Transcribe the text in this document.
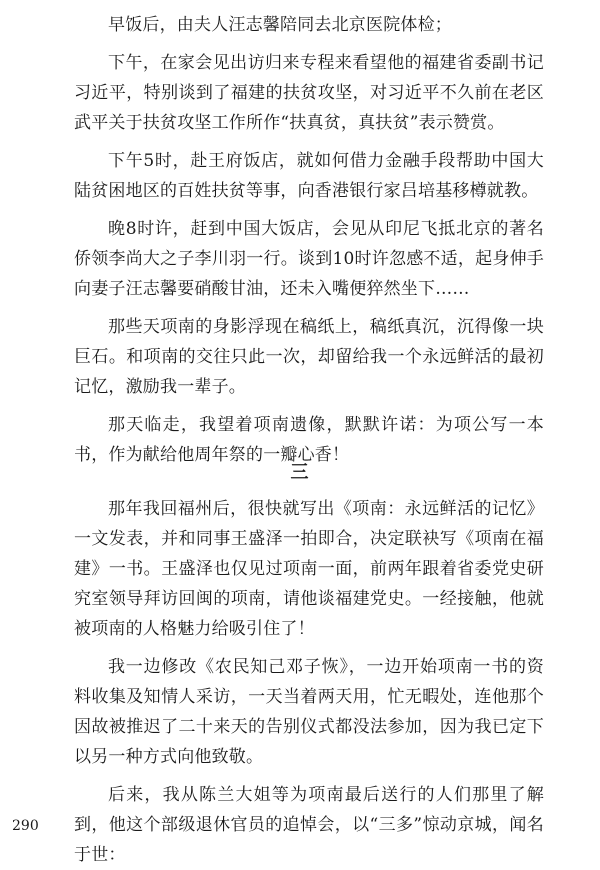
早饭后，由夫人汪志馨陪同去北京医院体检；

下午，在家会见出访归来专程来看望他的福建省委副书记习近平，特别谈到了福建的扶贫攻坚，对习近平不久前在老区武平关于扶贫攻坚工作所作“扶真贫，真扶贫”表示赞赏。

下午5时，赴王府饭店，就如何借力金融手段帮助中国大陆贫困地区的百姓扶贫等事，向香港银行家吕培基移樽就教。

晚8时许，赶到中国大饭店，会见从印尼飞抵北京的著名侨领李尚大之子李川羽一行。谈到10时许忽感不适，起身伸手向妻子汪志馨要硝酸甘油，还未入嘴便猝然坐下……

那些天项南的身影浮现在稿纸上，稿纸真沉，沉得像一块巨石。和项南的交往只此一次，却留给我一个永远鲜活的最初记忆，激励我一辈子。

那天临走，我望着项南遗像，默默许诺：为项公写一本书，作为献给他周年祭的一瓣心香！

三

那年我回福州后，很快就写出《项南：永远鲜活的记忆》一文发表，并和同事王盛泽一拍即合，决定联袂写《项南在福建》一书。王盛泽也仅见过项南一面，前两年跟着省委党史研究室领导拜访回闽的项南，请他谈福建党史。一经接触，他就被项南的人格魅力给吸引住了！

我一边修改《农民知己邓子恢》，一边开始项南一书的资料收集及知情人采访，一天当着两天用，忙无暇处，连他那个因故被推迟了二十来天的告别仪式都没法参加，因为我已定下以另一种方式向他致敬。

后来，我从陈兰大姐等为项南最后送行的人们那里了解到，他这个部级退休官员的追悼会，以“三多”惊动京城，闻名于世：

290
